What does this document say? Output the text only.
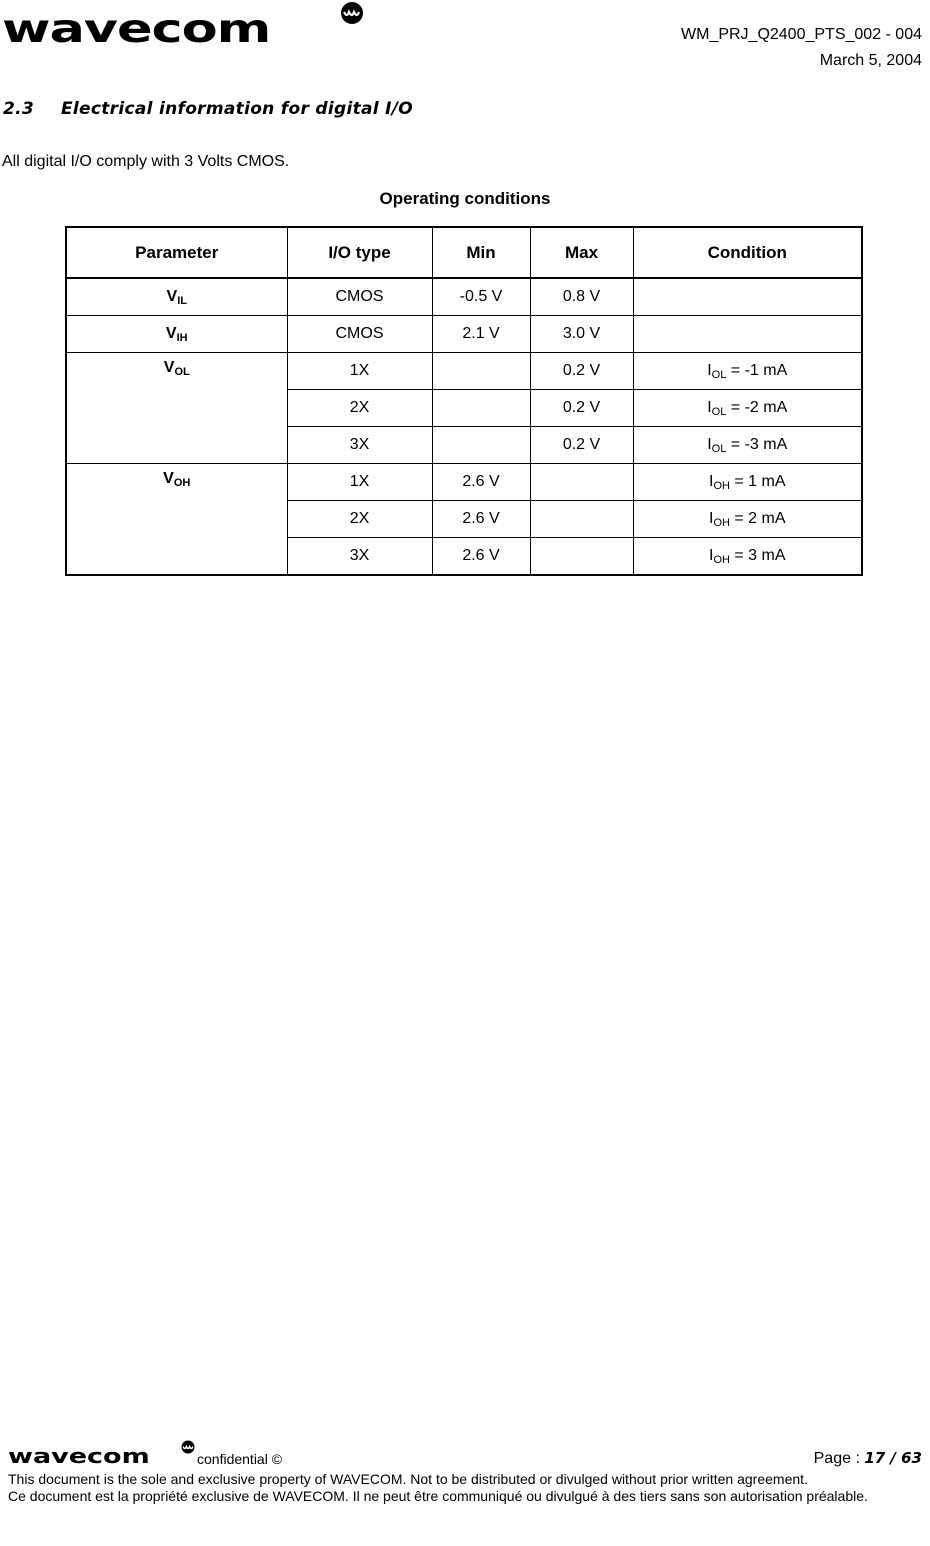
wavecom	WM_PRJ_Q2400_PTS_002 - 004
March 5, 2004
2.3 Electrical information for digital I/O
All digital I/O comply with 3 Volts CMOS.
Operating conditions
Parameter	I/O type	Min	Max	Condition
$V_{IL}$	CMOS	-0.5 V	0.8 V	
$V_{IH}$	CMOS	2.1 V	3.0 V	
$V_{OL}$	1X		0.2 V	$I_{OL} = -1$ mA
	2X		0.2 V	$I_{OL} = -2$ mA
	3X		0.2 V	$I_{OL} = -3$ mA
$V_{OH}$	1X	2.6 V		$I_{OH} = 1$ mA
	2X	2.6 V		$I_{OH} = 2$ mA
	3X	2.6 V		$I_{OH} = 3$ mA
wavecom	confidential ©	Page : 17 / 63

This document is the sole and exclusive property of WAVECOM. Not to be distributed or divulged without prior written agreement.

Ce document est la propriété exclusive de WAVECOM. Il ne peut être communiqué ou divulgué à des tiers sans son autorisation préalable.
